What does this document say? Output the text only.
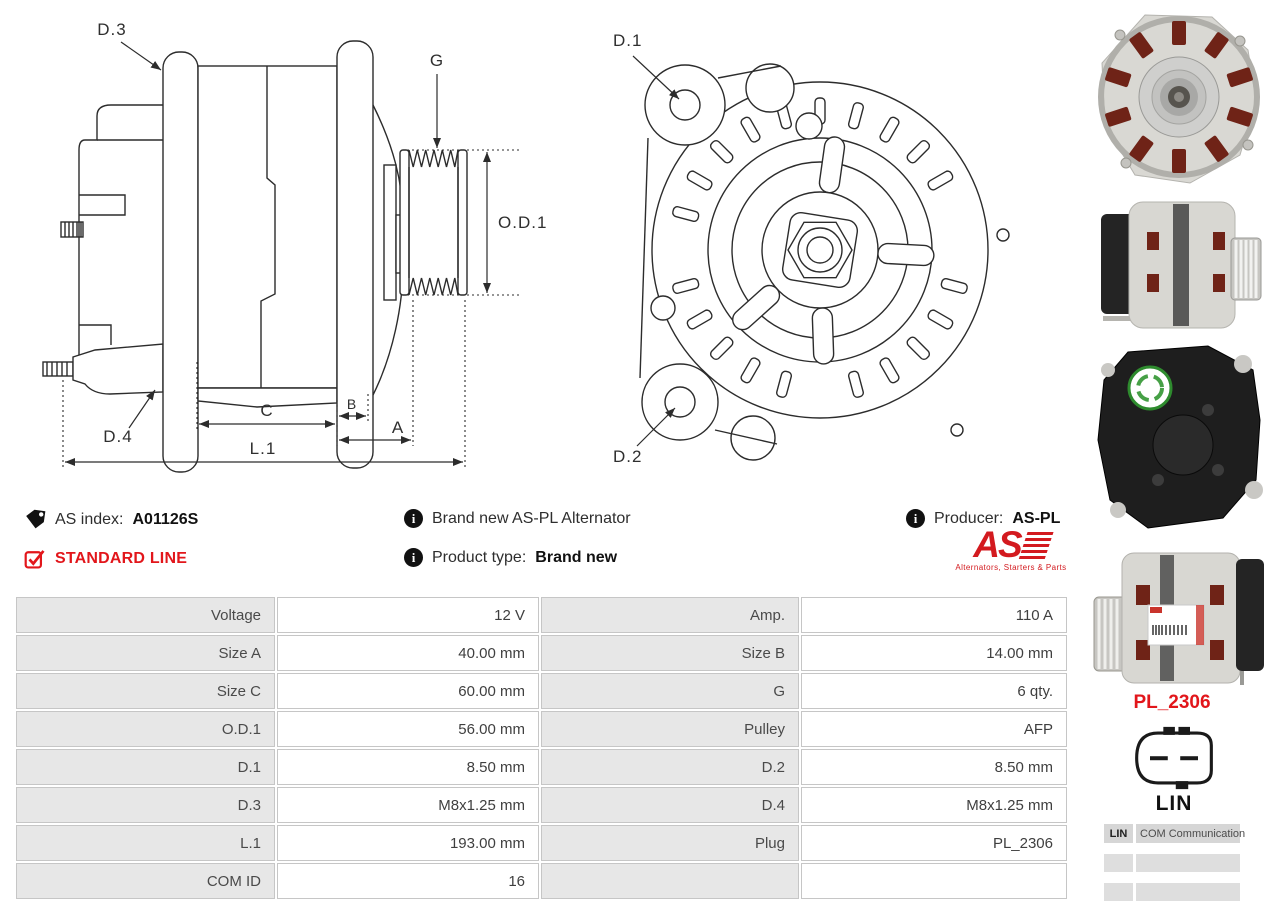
D.3
G
D.4
O.D.1
C	B
A
L.1
D.1
D.2
AS index: A01126S
STANDARD LINE
i
Brand new AS-PL Alternator
i
Product type: Brand new
i
Producer: AS-PL
AS
Alternators, Starters & Parts
Voltage	12 V	Amp.	110 A
Size A	40.00 mm	Size B	14.00 mm
Size C	60.00 mm	G	6 qty.
O.D.1	56.00 mm	Pulley	AFP
D.1	8.50 mm	D.2	8.50 mm
D.3	M8x1.25 mm	D.4	M8x1.25 mm
L.1	193.00 mm	Plug	PL_2306
COM ID	16
PL_2306
LIN
LIN	COM Communication
